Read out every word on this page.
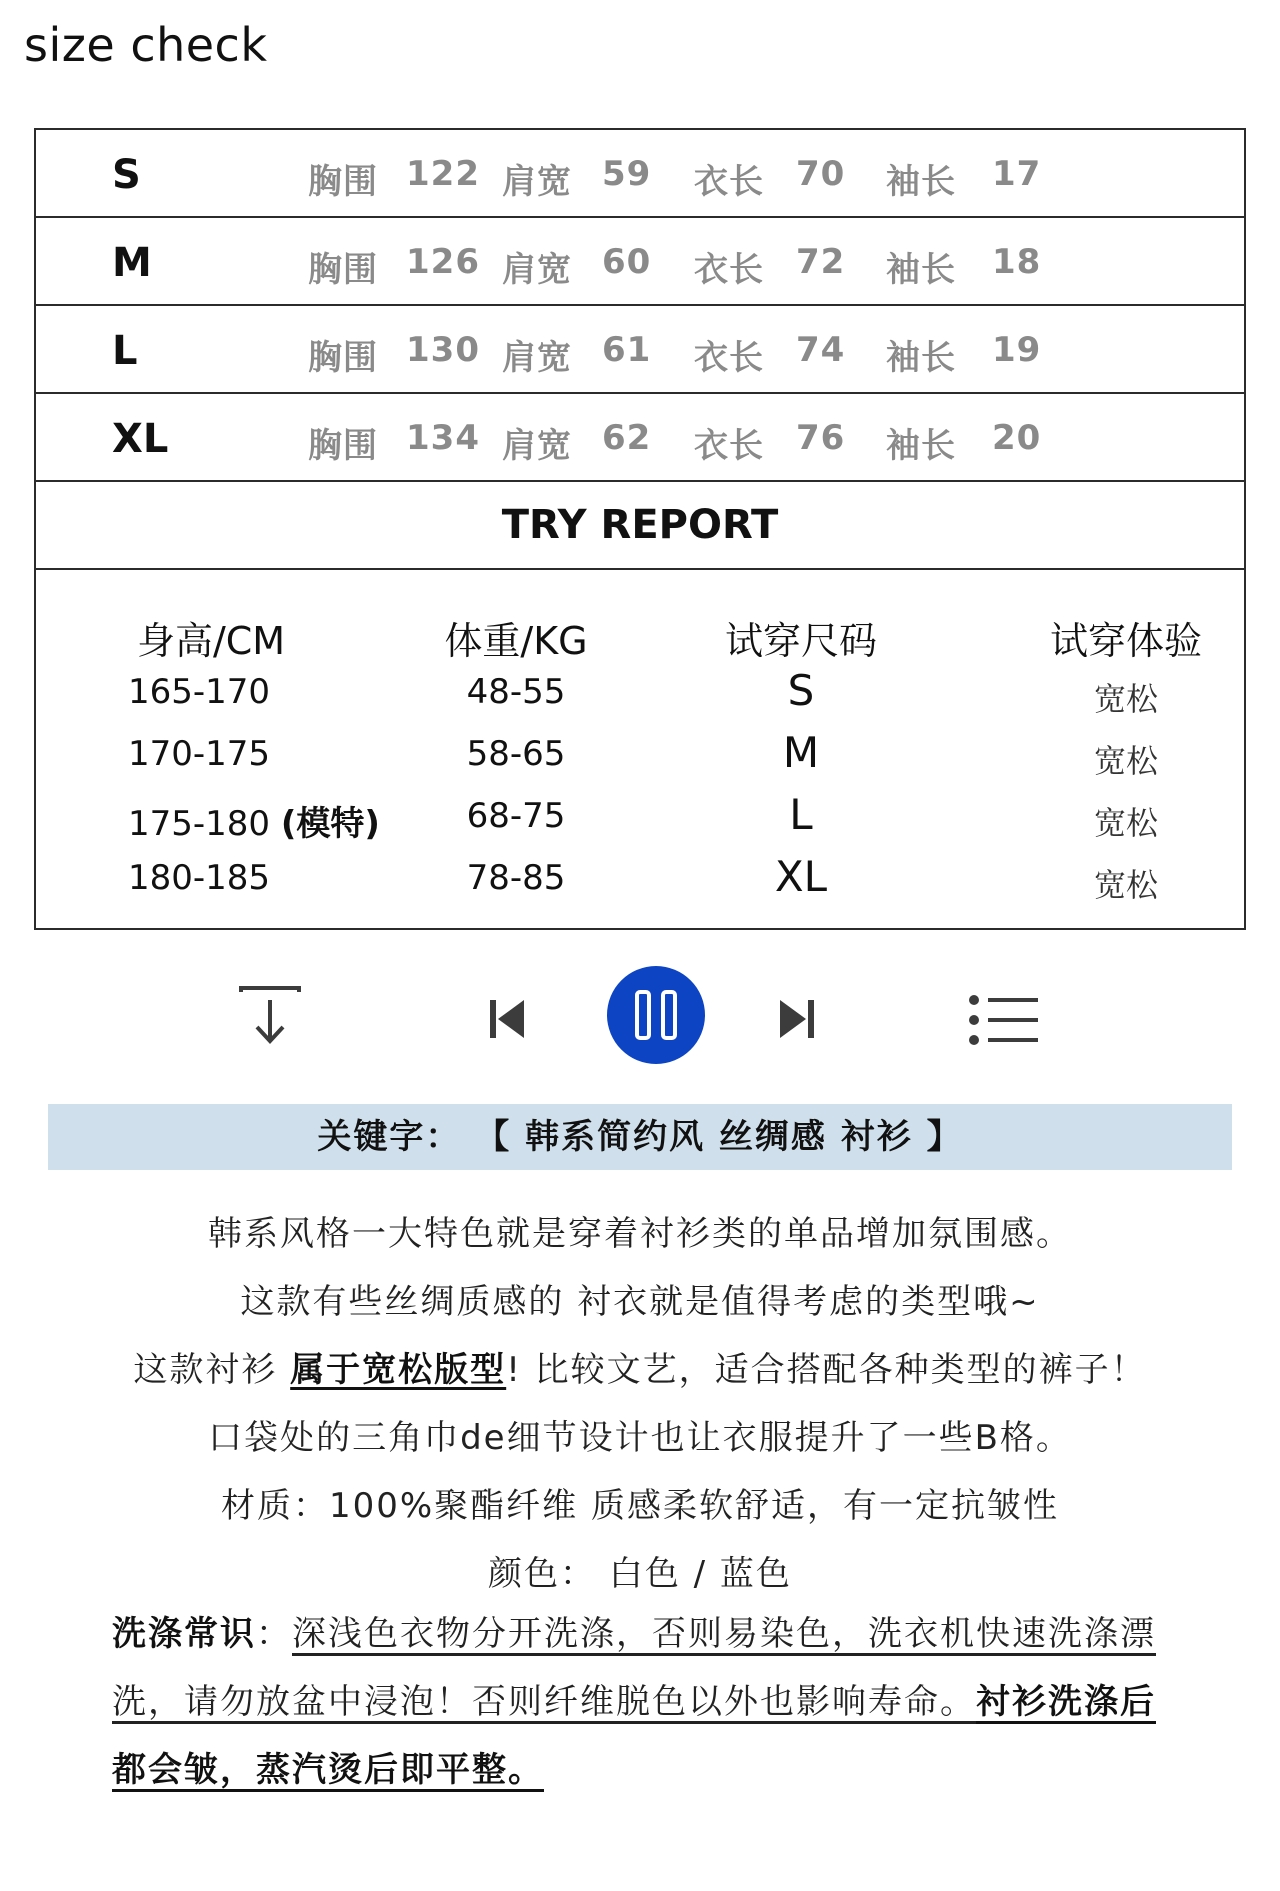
size check
S	胸围 122 肩宽 59 衣长 70 袖长 17
M	胸围 126 肩宽 60 衣长 72 袖长 18
L	胸围 130 肩宽 61 衣长 74 袖长 19
XL	胸围 134 肩宽 62 衣长 76 袖长 20
TRY REPORT
身高/CM	体重/KG	试穿尺码	试穿体验
165-170	48-55	S	宽松
170-175	58-65	M	宽松
175-180 (模特)	68-75	L	宽松
180-185	78-85	XL	宽松
关键字： 【 韩系简约风 丝绸感 衬衫 】
韩系风格一大特色就是穿着衬衫类的单品增加氛围感。
这款有些丝绸质感的 衬衣就是值得考虑的类型哦~
这款衬衫 属于宽松版型! 比较文艺，适合搭配各种类型的裤子！
口袋处的三角巾de细节设计也让衣服提升了一些B格。
材质：100%聚酯纤维 质感柔软舒适，有一定抗皱性
颜色： 白色 / 蓝色
洗涤常识：深浅色衣物分开洗涤，否则易染色，洗衣机快速洗涤漂
洗，请勿放盆中浸泡！否则纤维脱色以外也影响寿命。衬衫洗涤后
都会皱，蒸汽烫后即平整。
